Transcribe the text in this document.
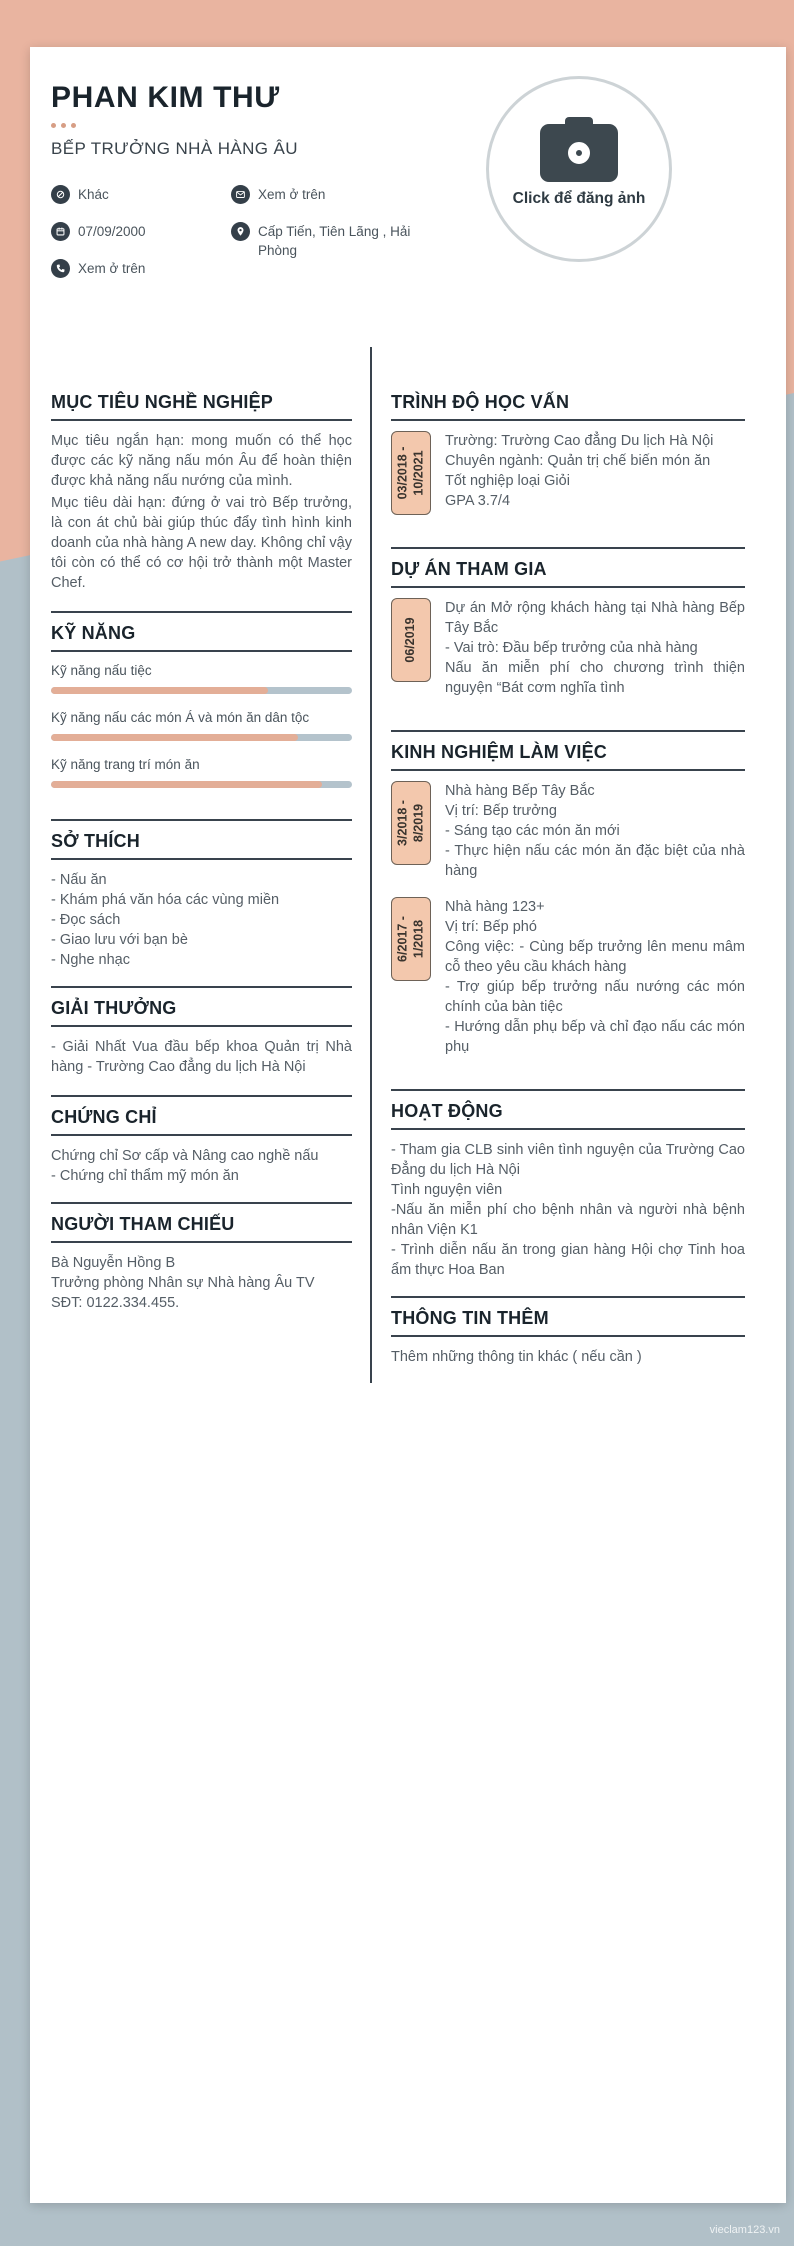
PHAN KIM THƯ
BẾP TRƯỞNG NHÀ HÀNG ÂU
Khác
07/09/2000
Xem ở trên
Xem ở trên
Cấp Tiến, Tiên Lãng , Hải Phòng
Click để đăng ảnh
MỤC TIÊU NGHỀ NGHIỆP

Mục tiêu ngắn hạn: mong muốn có thể học được các kỹ năng nấu món Âu để hoàn thiện được khả năng nấu nướng của mình.

Mục tiêu dài hạn: đứng ở vai trò Bếp trưởng, là con át chủ bài giúp thúc đẩy tình hình kinh doanh của nhà hàng A new day. Không chỉ vậy tôi còn có thể có cơ hội trở thành một Master Chef.

KỸ NĂNG
Kỹ năng nấu tiệc
Kỹ năng nấu các món Á và món ăn dân tộc
Kỹ năng trang trí món ăn
SỞ THÍCH
- Nấu ăn
- Khám phá văn hóa các vùng miền
- Đọc sách
- Giao lưu với bạn bè
- Nghe nhạc
GIẢI THƯỞNG

- Giải Nhất Vua đầu bếp khoa Quản trị Nhà hàng - Trường Cao đẳng du lịch Hà Nội

CHỨNG CHỈ
Chứng chỉ Sơ cấp và Nâng cao nghề nấu
- Chứng chỉ thẩm mỹ món ăn
NGƯỜI THAM CHIẾU
Bà Nguyễn Hồng B
Trưởng phòng Nhân sự Nhà hàng Âu TV
SĐT: 0122.334.455.
TRÌNH ĐỘ HỌC VẤN
03/2018 - 10/2021
Trường: Trường Cao đẳng Du lịch Hà Nội
Chuyên ngành: Quản trị chế biến món ăn
Tốt nghiệp loại Giỏi
GPA 3.7/4
DỰ ÁN THAM GIA
06/2019
Dự án Mở rộng khách hàng tại Nhà hàng Bếp Tây Bắc
- Vai trò: Đầu bếp trưởng của nhà hàng
Nấu ăn miễn phí cho chương trình thiện nguyện “Bát cơm nghĩa tình
KINH NGHIỆM LÀM VIỆC
3/2018 - 8/2019
Nhà hàng Bếp Tây Bắc
Vị trí: Bếp trưởng
- Sáng tạo các món ăn mới
- Thực hiện nấu các món ăn đặc biệt của nhà hàng
6/2017 - 1/2018
Nhà hàng 123+
Vị trí: Bếp phó
Công việc: - Cùng bếp trưởng lên menu mâm cỗ theo yêu cầu khách hàng
- Trợ giúp bếp trưởng nấu nướng các món chính của bàn tiệc
- Hướng dẫn phụ bếp và chỉ đạo nấu các món phụ
HOẠT ĐỘNG
- Tham gia CLB sinh viên tình nguyện của Trường Cao Đẳng du lịch Hà Nội
Tình nguyện viên
-Nấu ăn miễn phí cho bệnh nhân và người nhà bệnh nhân Viện K1
- Trình diễn nấu ăn trong gian hàng Hội chợ Tinh hoa ẩm thực Hoa Ban
THÔNG TIN THÊM
Thêm những thông tin khác ( nếu cần )
vieclam123.vn
